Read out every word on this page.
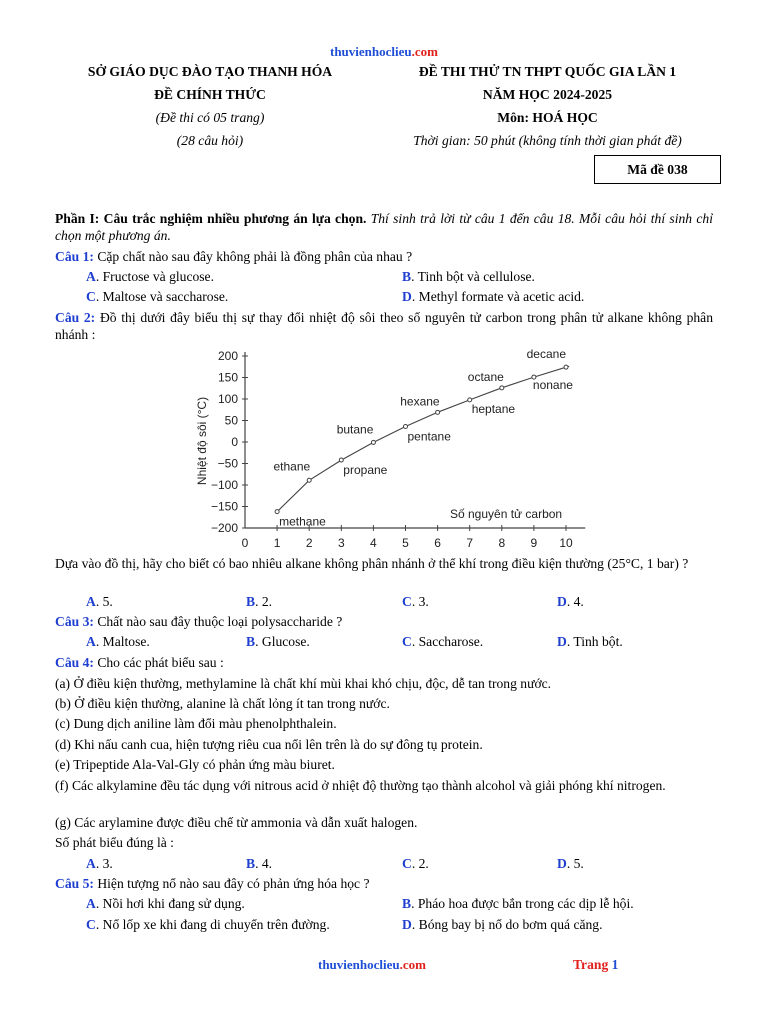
thuvienhoclieu.com
SỞ GIÁO DỤC ĐÀO TẠO THANH HÓA
ĐỀ CHÍNH THỨC
(Đề thi có 05 trang)
(28 câu hỏi)
ĐỀ THI THỬ TN THPT QUỐC GIA LẦN 1
NĂM HỌC 2024-2025
Môn: HOÁ HỌC
Thời gian: 50 phút (không tính thời gian phát đề)
Mã đề 038
Phần I: Câu trắc nghiệm nhiều phương án lựa chọn. Thí sinh trả lời từ câu 1 đến câu 18. Mỗi câu hỏi thí sinh chỉ chọn một phương án.
Câu 1: Cặp chất nào sau đây không phải là đồng phân của nhau ?
A. Fructose và glucose.	B. Tinh bột và cellulose.
C. Maltose và saccharose.	D. Methyl formate và acetic acid.
Câu 2: Đồ thị dưới đây biểu thị sự thay đổi nhiệt độ sôi theo số nguyên tử carbon trong phân tử alkane không phân nhánh :
200
150
100
50
0
−50
−100
−150
−200
0 1 2 3 4 5 6 7 8 9 10
methane
ethane	propane
butane
pentane
hexane
heptane
octane
nonane
decane
Nhiệt độ sôi (°C)
Số nguyên tử carbon
Dựa vào đồ thị, hãy cho biết có bao nhiêu alkane không phân nhánh ở thể khí trong điều kiện thường (25°C, 1 bar) ?
A. 5.	B. 2.	C. 3.	D. 4.
Câu 3: Chất nào sau đây thuộc loại polysaccharide ?
A. Maltose.	B. Glucose.	C. Saccharose.	D. Tinh bột.
Câu 4: Cho các phát biểu sau :
(a) Ở điều kiện thường, methylamine là chất khí mùi khai khó chịu, độc, dễ tan trong nước.
(b) Ở điều kiện thường, alanine là chất lỏng ít tan trong nước.
(c) Dung dịch aniline làm đổi màu phenolphthalein.
(d) Khi nấu canh cua, hiện tượng riêu cua nổi lên trên là do sự đông tụ protein.
(e) Tripeptide Ala-Val-Gly có phản ứng màu biuret.
(f) Các alkylamine đều tác dụng với nitrous acid ở nhiệt độ thường tạo thành alcohol và giải phóng khí nitrogen.
(g) Các arylamine được điều chế từ ammonia và dẫn xuất halogen.
Số phát biểu đúng là :
A. 3.	B. 4.	C. 2.	D. 5.
Câu 5: Hiện tượng nổ nào sau đây có phản ứng hóa học ?
A. Nồi hơi khi đang sử dụng.	B. Pháo hoa được bắn trong các dịp lễ hội.
C. Nổ lốp xe khi đang di chuyển trên đường.	D. Bóng bay bị nổ do bơm quá căng.
thuvienhoclieu.com	Trang 1
